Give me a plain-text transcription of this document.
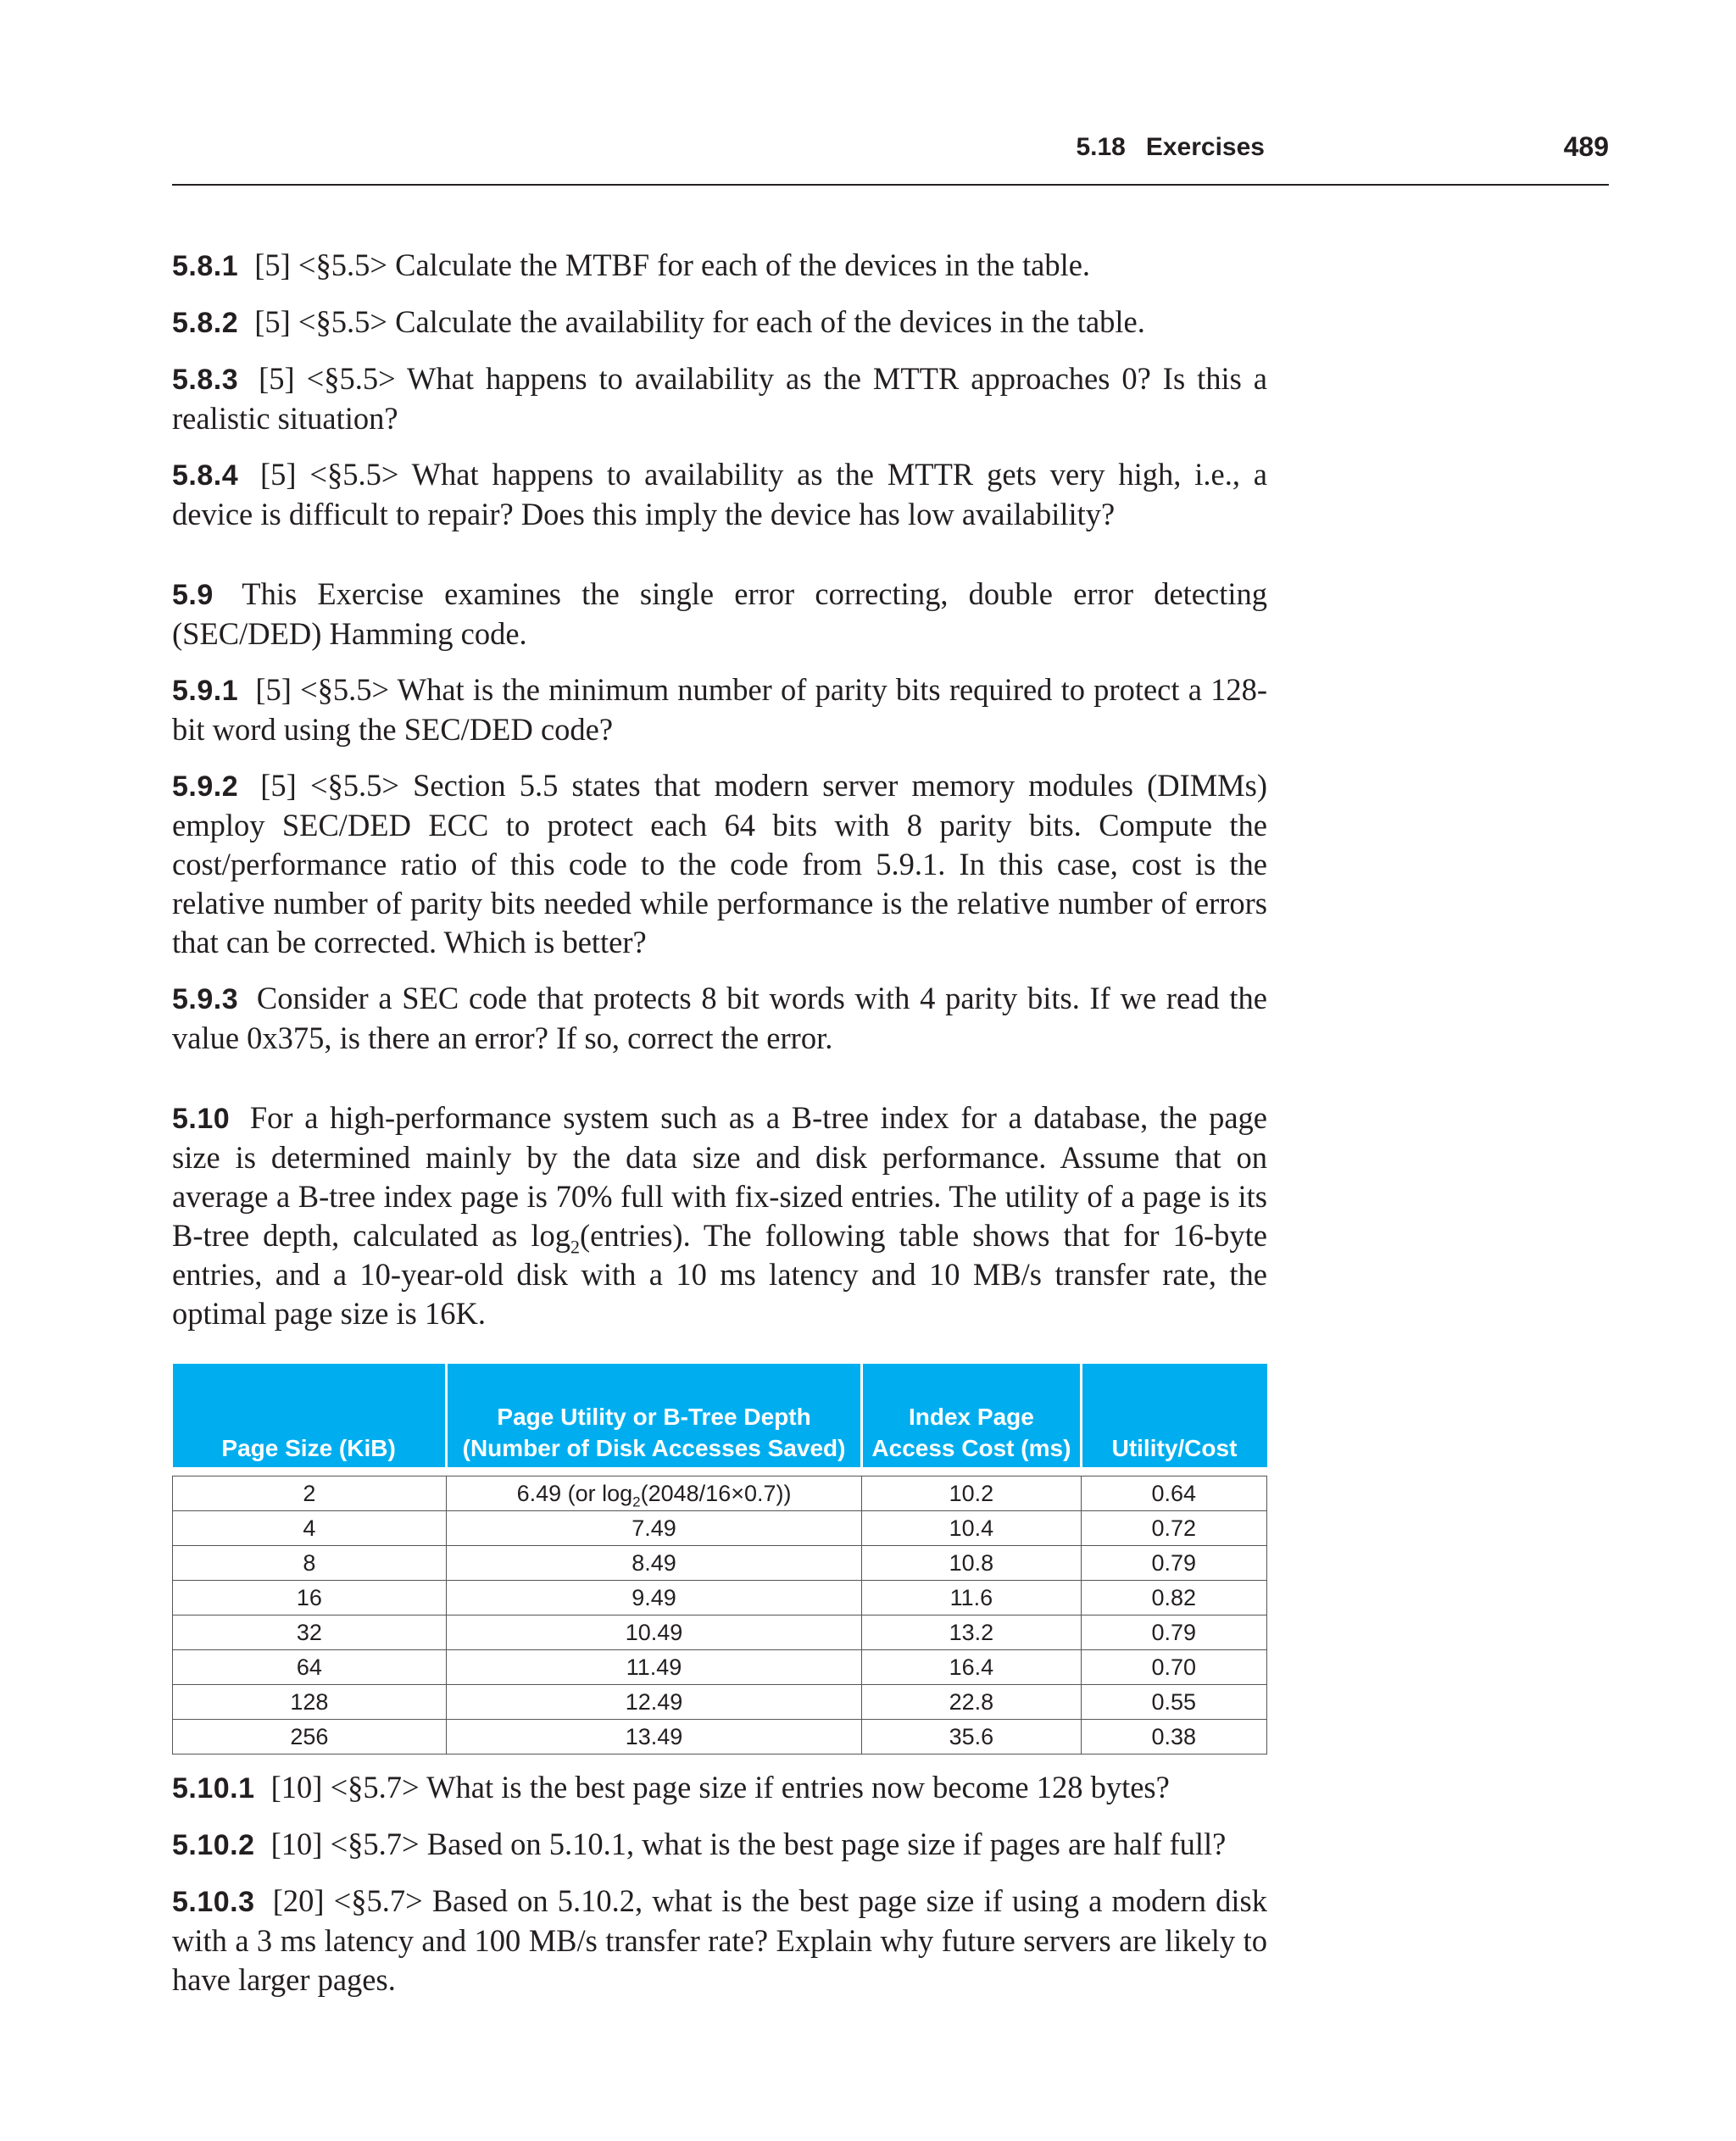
5.18 Exercises	489

5.8.1 [5] <§5.5> Calculate the MTBF for each of the devices in the table.

5.8.2 [5] <§5.5> Calculate the availability for each of the devices in the table.

5.8.3 [5] <§5.5> What happens to availability as the MTTR approaches 0? Is this a realistic situation?

5.8.4 [5] <§5.5> What happens to availability as the MTTR gets very high, i.e., a device is difficult to repair? Does this imply the device has low availability?

5.9 This Exercise examines the single error correcting, double error detecting (SEC/DED) Hamming code.

5.9.1 [5] <§5.5> What is the minimum number of parity bits required to protect a 128-bit word using the SEC/DED code?

5.9.2 [5] <§5.5> Section 5.5 states that modern server memory modules (DIMMs) employ SEC/DED ECC to protect each 64 bits with 8 parity bits. Compute the cost/performance ratio of this code to the code from 5.9.1. In this case, cost is the relative number of parity bits needed while performance is the relative number of errors that can be corrected. Which is better?

5.9.3 Consider a SEC code that protects 8 bit words with 4 parity bits. If we read the value 0x375, is there an error? If so, correct the error.

5.10 For a high-performance system such as a B-tree index for a database, the page size is determined mainly by the data size and disk performance. Assume that on average a B-tree index page is 70% full with fix-sized entries. The utility of a page is its B-tree depth, calculated as $\log_2(entries)$. The following table shows that for 16-byte entries, and a 10-year-old disk with a 10 ms latency and 10 MB/s transfer rate, the optimal page size is 16K.

Page Size (KiB)	Page Utility or B-Tree Depth (Number of Disk Accesses Saved)	Index Page Access Cost (ms)	Utility/Cost

2	6.49 (or $\log_2(2048/16\times 0.7)$)	10.2	0.64
4	7.49	10.4	0.72
8	8.49	10.8	0.79
16	9.49	11.6	0.82
32	10.49	13.2	0.79
64	11.49	16.4	0.70
128	12.49	22.8	0.55
256	13.49	35.6	0.38

5.10.1 [10] <§5.7> What is the best page size if entries now become 128 bytes?

5.10.2 [10] <§5.7> Based on 5.10.1, what is the best page size if pages are half full?

5.10.3 [20] <§5.7> Based on 5.10.2, what is the best page size if using a modern disk with a 3 ms latency and 100 MB/s transfer rate? Explain why future servers are likely to have larger pages.
